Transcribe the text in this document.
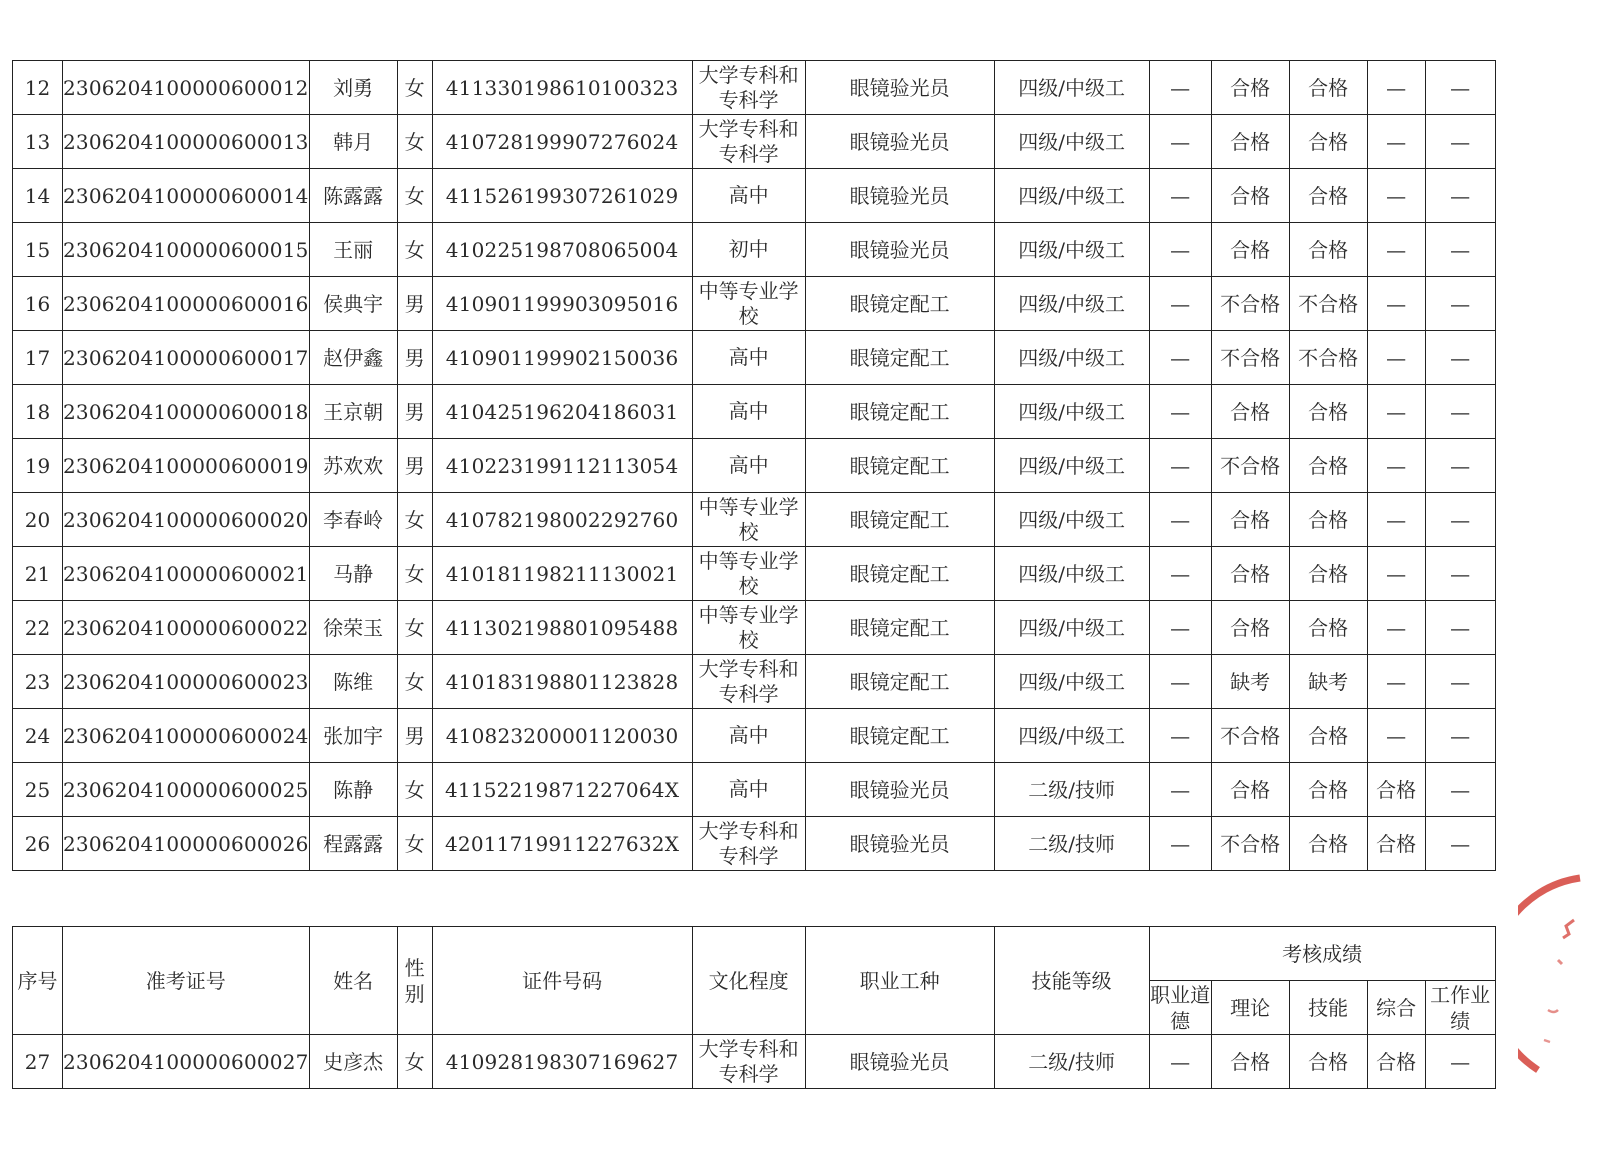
12	2306204100000600012	刘勇	女	411330198610100323	大学专科和专科学	眼镜验光员	四级/中级工	—	合格	合格	—	—
13	2306204100000600013	韩月	女	410728199907276024	大学专科和专科学	眼镜验光员	四级/中级工	—	合格	合格	—	—
14	2306204100000600014	陈露露	女	411526199307261029	高中	眼镜验光员	四级/中级工	—	合格	合格	—	—
15	2306204100000600015	王丽	女	410225198708065004	初中	眼镜验光员	四级/中级工	—	合格	合格	—	—
16	2306204100000600016	侯典宇	男	410901199903095016	中等专业学校	眼镜定配工	四级/中级工	—	不合格	不合格	—	—
17	2306204100000600017	赵伊鑫	男	410901199902150036	高中	眼镜定配工	四级/中级工	—	不合格	不合格	—	—
18	2306204100000600018	王京朝	男	410425196204186031	高中	眼镜定配工	四级/中级工	—	合格	合格	—	—
19	2306204100000600019	苏欢欢	男	410223199112113054	高中	眼镜定配工	四级/中级工	—	不合格	合格	—	—
20	2306204100000600020	李春岭	女	410782198002292760	中等专业学校	眼镜定配工	四级/中级工	—	合格	合格	—	—
21	2306204100000600021	马静	女	410181198211130021	中等专业学校	眼镜定配工	四级/中级工	—	合格	合格	—	—
22	2306204100000600022	徐荣玉	女	411302198801095488	中等专业学校	眼镜定配工	四级/中级工	—	合格	合格	—	—
23	2306204100000600023	陈维	女	410183198801123828	大学专科和专科学	眼镜定配工	四级/中级工	—	缺考	缺考	—	—
24	2306204100000600024	张加宇	男	410823200001120030	高中	眼镜定配工	四级/中级工	—	不合格	合格	—	—
25	2306204100000600025	陈静	女	41152219871227064X	高中	眼镜验光员	二级/技师	—	合格	合格	合格	—
26	2306204100000600026	程露露	女	42011719911227632X	大学专科和专科学	眼镜验光员	二级/技师	—	不合格	合格	合格	—
序号	准考证号	姓名	性别	证件号码	文化程度	职业工种	技能等级	考核成绩				
								职业道德	理论	技能	综合	工作业绩
27	2306204100000600027	史彦杰	女	410928198307169627	大学专科和专科学	眼镜验光员	二级/技师	—	合格	合格	合格	—
